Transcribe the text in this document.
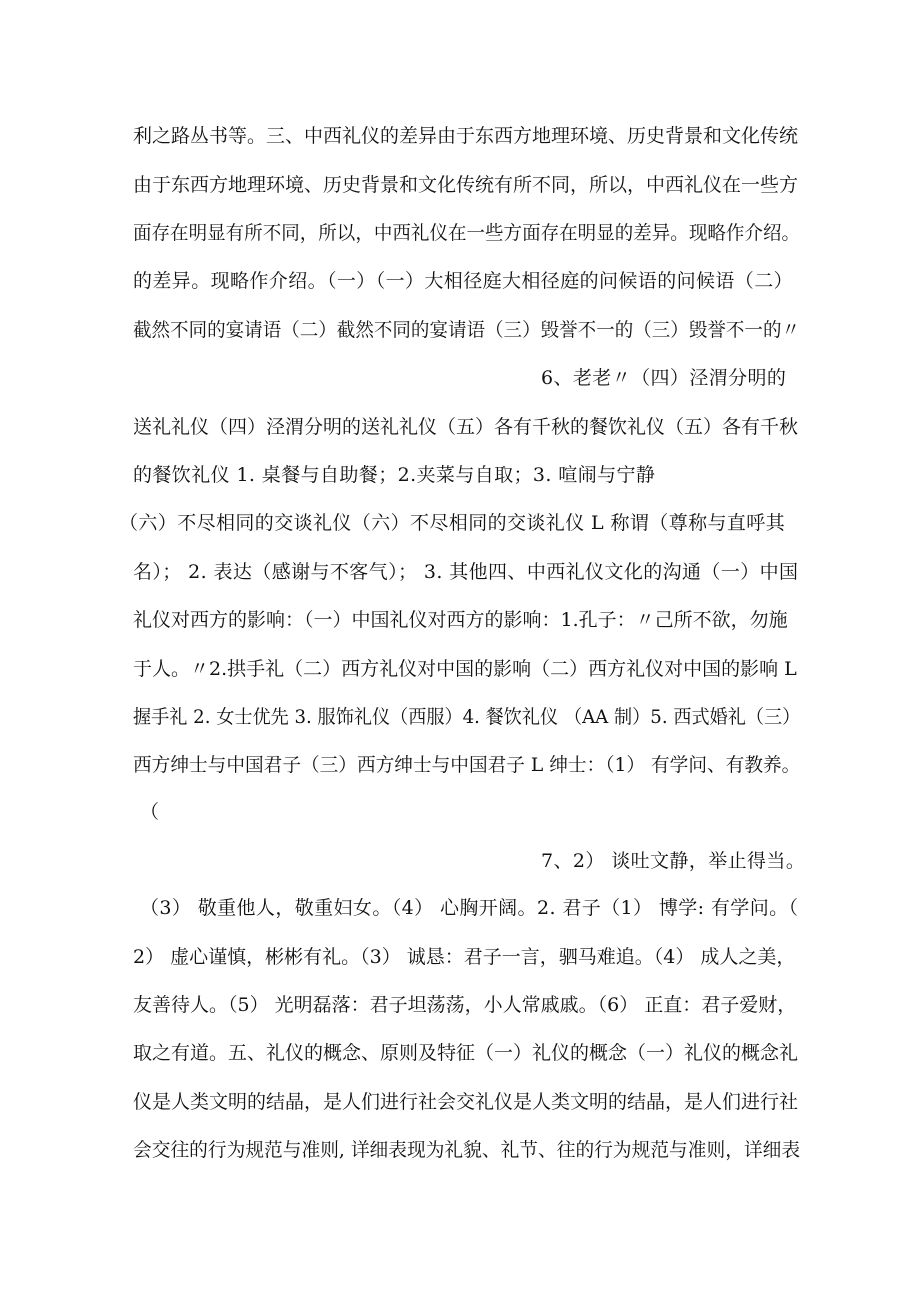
利之路丛书等。三、中西礼仪的差异由于东西方地理环境、历史背景和文化传统
由于东西方地理环境、历史背景和文化传统有所不同，所以，中西礼仪在一些方
面存在明显有所不同，所以，中西礼仪在一些方面存在明显的差异。现略作介绍。
的差异。现略作介绍。（一）（一）大相径庭大相径庭的问候语的问候语（二）
截然不同的宴请语（二）截然不同的宴请语（三）毁誉不一的（三）毁誉不一的〃
6、老老〃（四）泾渭分明的
送礼礼仪（四）泾渭分明的送礼礼仪（五）各有千秋的餐饮礼仪（五）各有千秋
的餐饮礼仪 1. 桌餐与自助餐；2.夹菜与自取；3. 喧闹与宁静
（六）不尽相同的交谈礼仪（六）不尽相同的交谈礼仪 L 称谓（尊称与直呼其
名）； 2. 表达（感谢与不客气）； 3. 其他四、中西礼仪文化的沟通（一）中国
礼仪对西方的影响：（一）中国礼仪对西方的影响：1.孔子：〃己所不欲，勿施
于人。〃2.拱手礼（二）西方礼仪对中国的影响（二）西方礼仪对中国的影响 L
握手礼 2. 女士优先 3. 服饰礼仪（西服）4. 餐饮礼仪 （AA 制）5. 西式婚礼（三）
西方绅士与中国君子（三）西方绅士与中国君子 L 绅士：（1） 有学问、有教养。
（
7、2） 谈吐文静，举止得当。
（3） 敬重他人，敬重妇女。（4） 心胸开阔。2. 君子（1） 博学: 有学问。（
2） 虚心谨慎，彬彬有礼。（3） 诚恳：君子一言，驷马难追。（4） 成人之美，
友善待人。（5） 光明磊落：君子坦荡荡，小人常戚戚。（6） 正直：君子爱财，
取之有道。五、礼仪的概念、原则及特征（一）礼仪的概念（一）礼仪的概念礼
仪是人类文明的结晶，是人们进行社会交礼仪是人类文明的结晶，是人们进行社
会交往的行为规范与准则, 详细表现为礼貌、礼节、往的行为规范与准则，详细表
